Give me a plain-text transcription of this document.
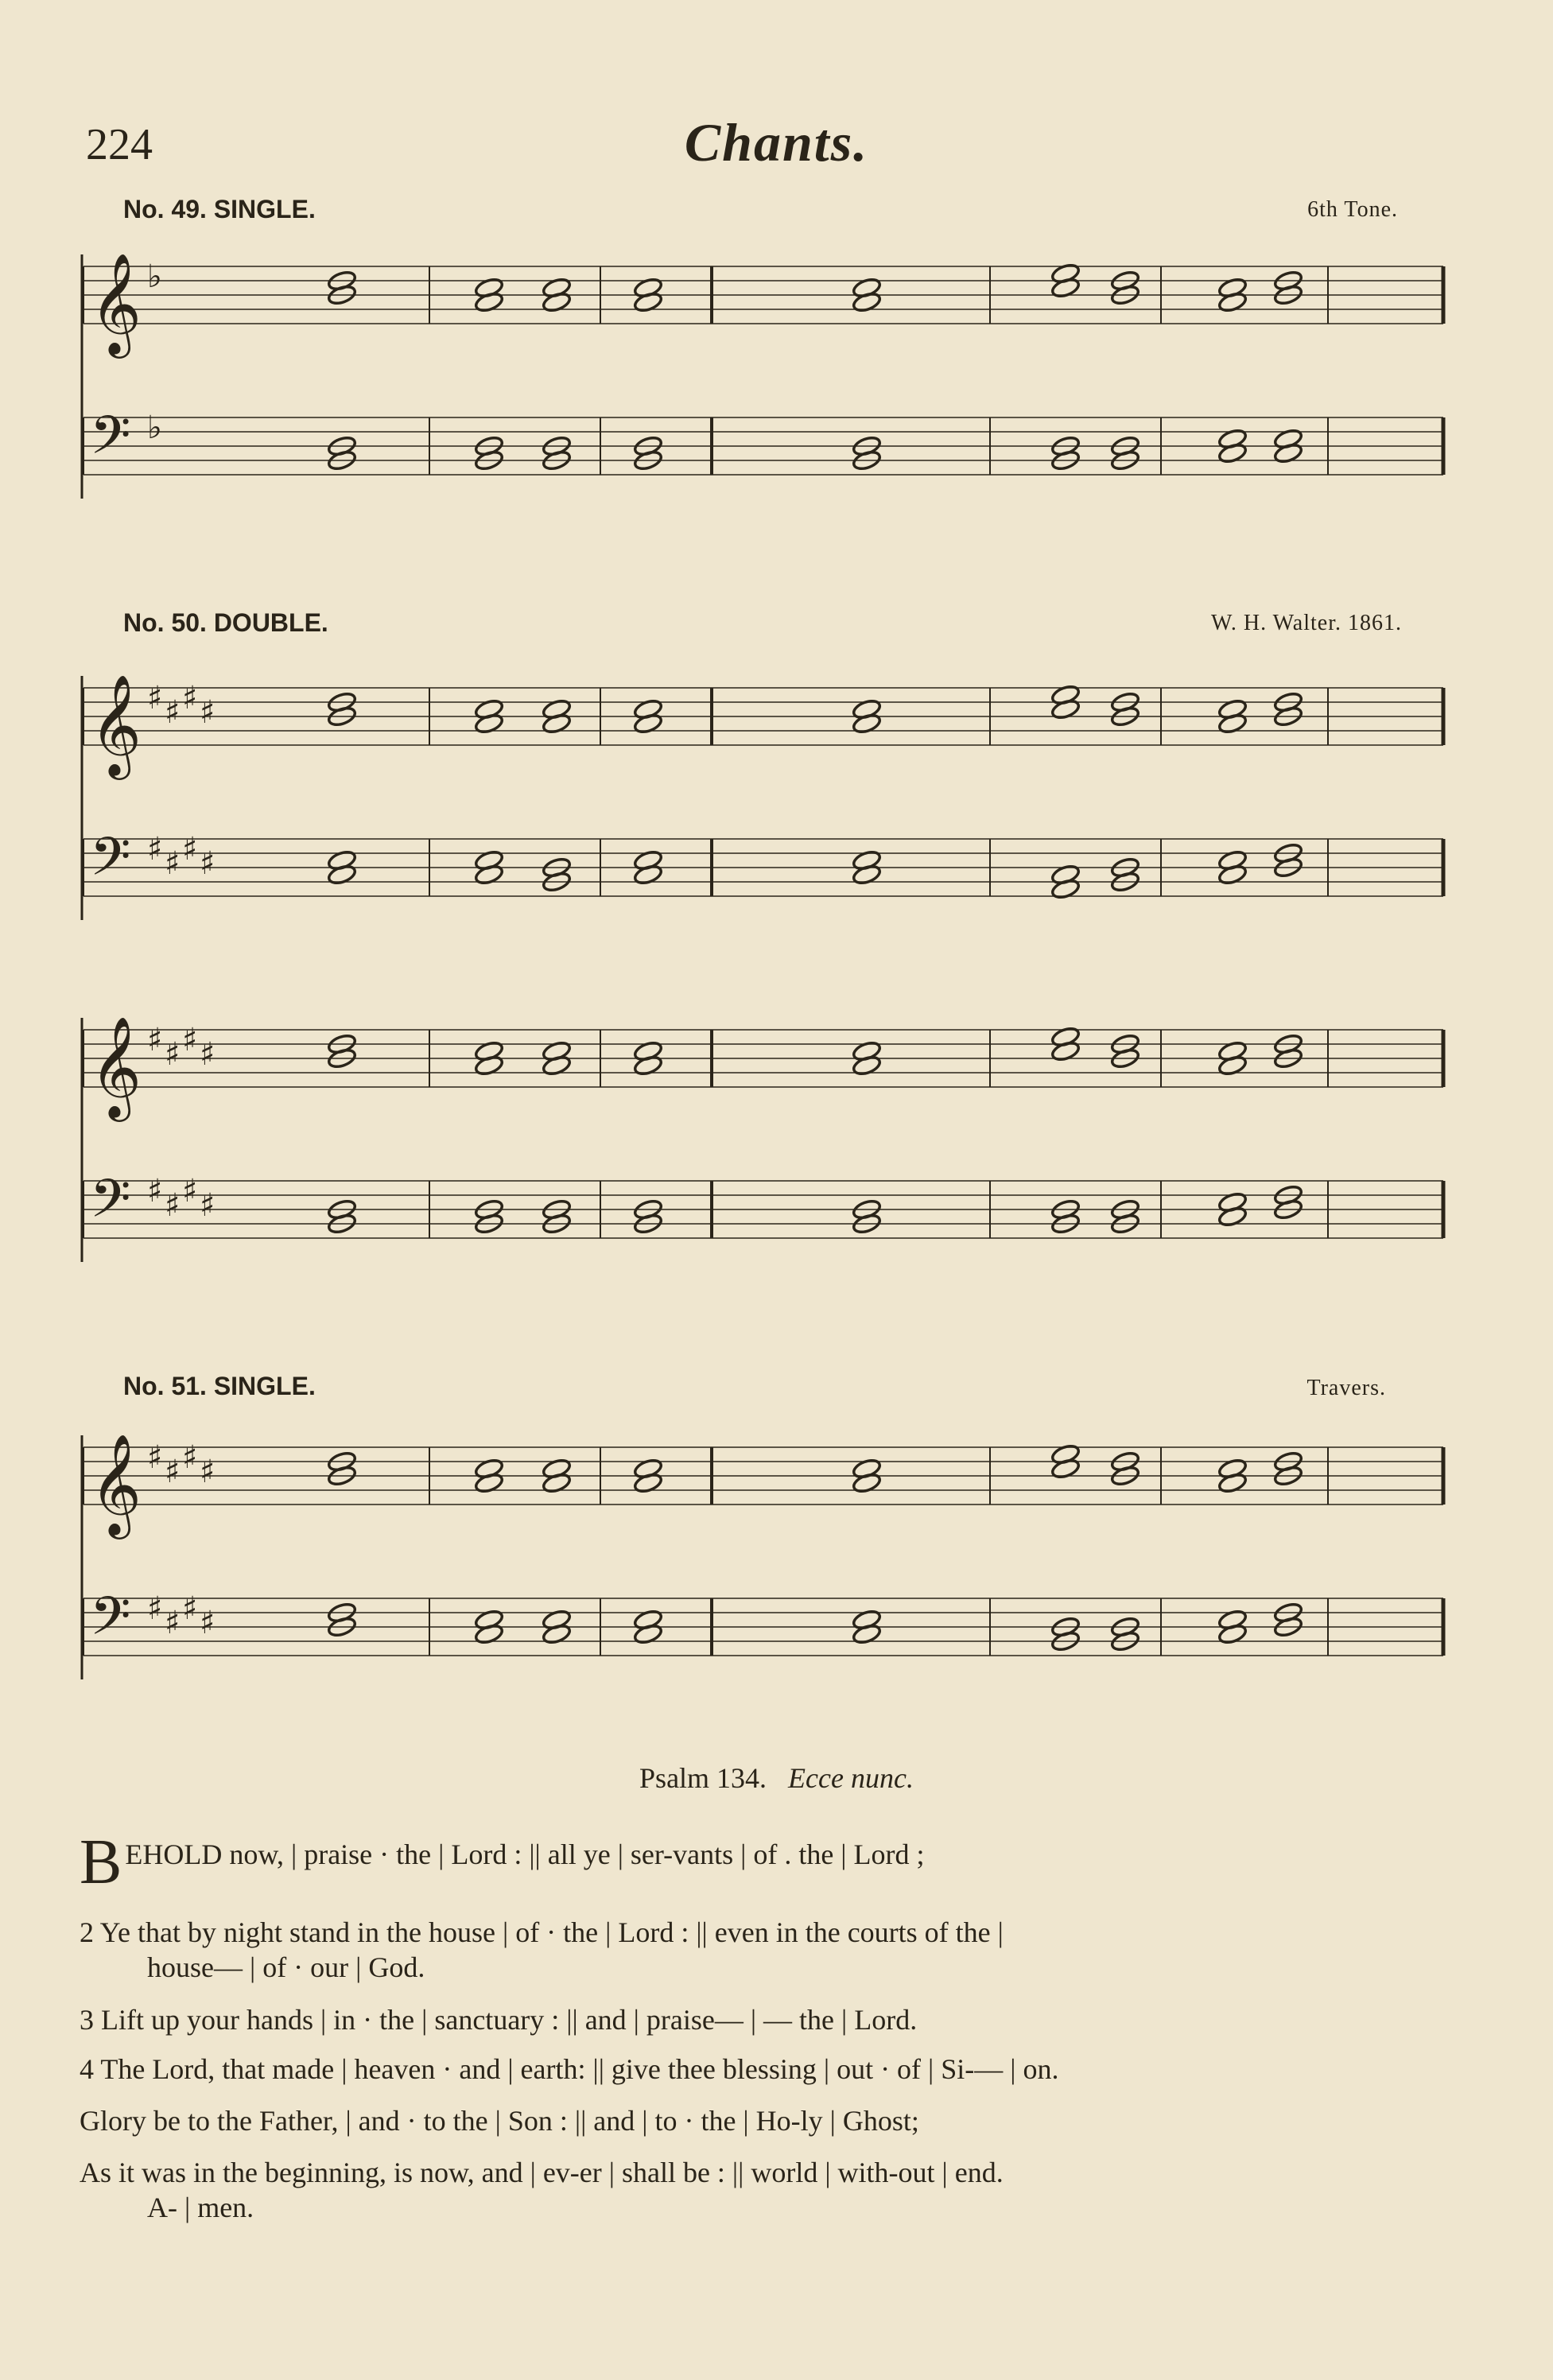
224	Chants.
No. 49. SINGLE.	6th Tone.
𝄞 ♭
𝄢 ♭
No. 50. DOUBLE.	W. H. Walter. 1861.
𝄞 ♯ ♯ ♯ ♯
𝄢 ♯ ♯ ♯ ♯
𝄞 ♯ ♯ ♯ ♯
𝄢 ♯ ♯ ♯ ♯
No. 51. SINGLE.	Travers.
𝄞 ♯ ♯ ♯ ♯
𝄢 ♯ ♯ ♯ ♯
Psalm 134. Ecce nunc.
B EHOLD now, | praise · the | Lord : || all ye | ser-vants | of . the | Lord ;
2 Ye that by night stand in the house | of · the | Lord : || even in the courts of the |
house— | of · our | God.
3 Lift up your hands | in · the | sanctuary : || and | praise— | — the | Lord.
4 The Lord, that made | heaven · and | earth: || give thee blessing | out · of | Si-— | on.
Glory be to the Father, | and · to the | Son : || and | to · the | Ho-ly | Ghost;
As it was in the beginning, is now, and | ev-er | shall be : || world | with-out | end.
A- | men.
